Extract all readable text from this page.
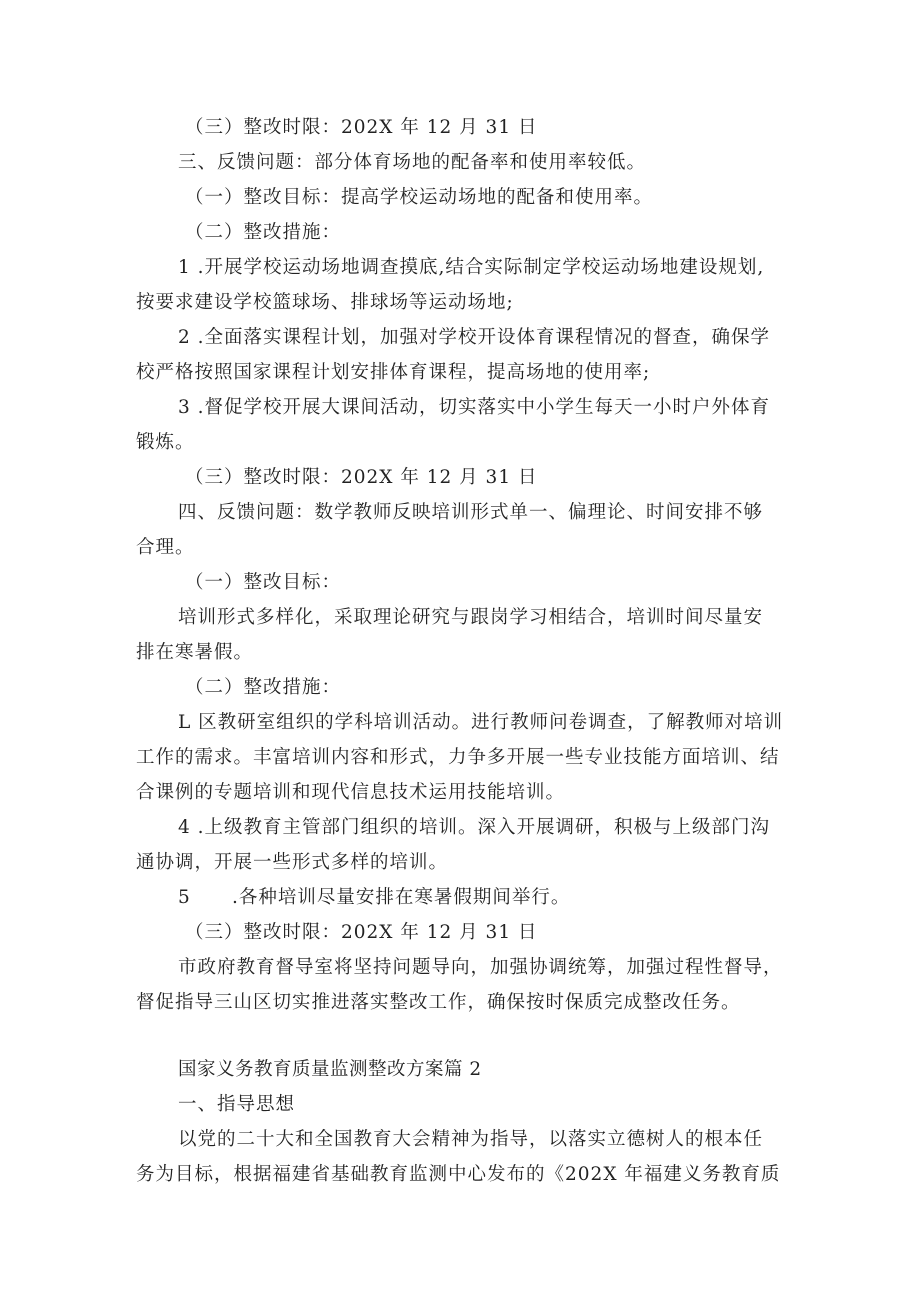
（三）整改时限：202X 年 12 月 31 日
三、反馈问题：部分体育场地的配备率和使用率较低。
（一）整改目标：提高学校运动场地的配备和使用率。
（二）整改措施：
1 .开展学校运动场地调查摸底,结合实际制定学校运动场地建设规划,
按要求建设学校篮球场、排球场等运动场地;
2 .全面落实课程计划，加强对学校开设体育课程情况的督查，确保学
校严格按照国家课程计划安排体育课程，提高场地的使用率;
3 .督促学校开展大课间活动，切实落实中小学生每天一小时户外体育
锻炼。
（三）整改时限：202X 年 12 月 31 日
四、反馈问题：数学教师反映培训形式单一、偏理论、时间安排不够
合理。
（一）整改目标：
培训形式多样化，采取理论研究与跟岗学习相结合，培训时间尽量安
排在寒暑假。
（二）整改措施：
L 区教研室组织的学科培训活动。进行教师问卷调查，了解教师对培训
工作的需求。丰富培训内容和形式，力争多开展一些专业技能方面培训、结
合课例的专题培训和现代信息技术运用技能培训。
4 .上级教育主管部门组织的培训。深入开展调研，积极与上级部门沟
通协调，开展一些形式多样的培训。
5      .各种培训尽量安排在寒暑假期间举行。
（三）整改时限：202X 年 12 月 31 日
市政府教育督导室将坚持问题导向，加强协调统筹，加强过程性督导，
督促指导三山区切实推进落实整改工作，确保按时保质完成整改任务。
国家义务教育质量监测整改方案篇 2
一、指导思想
以党的二十大和全国教育大会精神为指导，以落实立德树人的根本任
务为目标，根据福建省基础教育监测中心发布的《202X 年福建义务教育质
